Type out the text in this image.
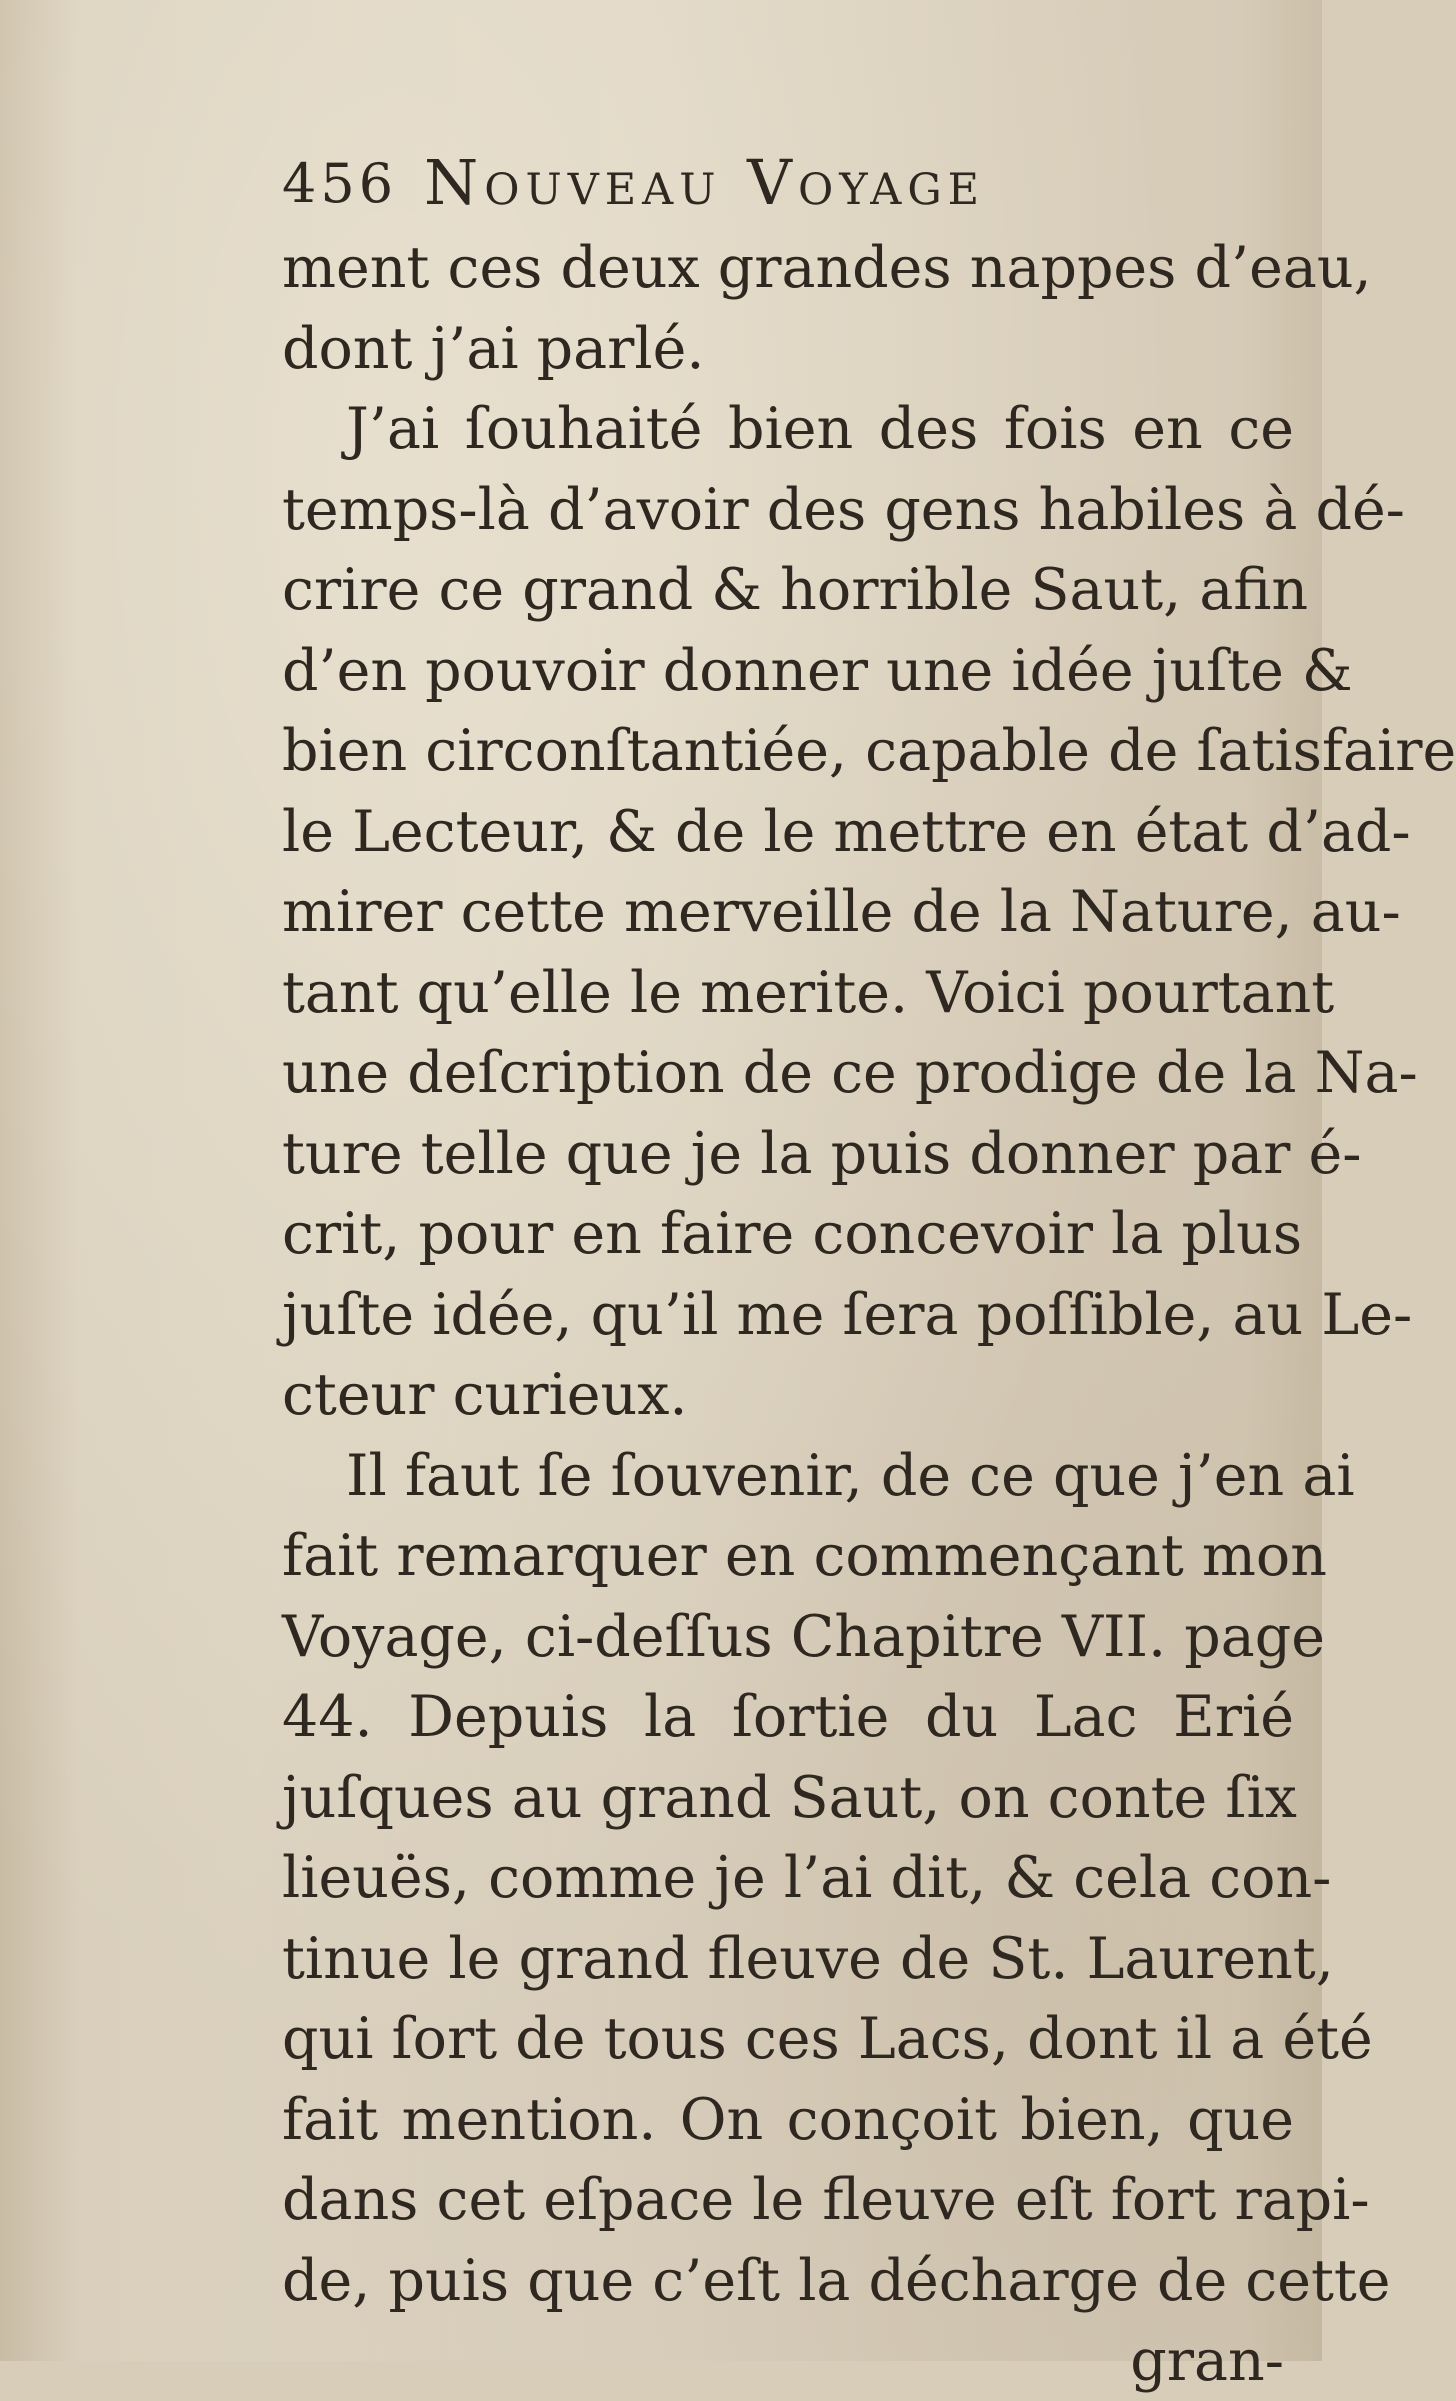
456 Nouveau Voyage
ment ces deux grandes nappes d’eau,
dont j’ai parlé.
J’ai ſouhaité bien des fois en ce
temps-là d’avoir des gens habiles à dé-
crire ce grand & horrible Saut, afin
d’en pouvoir donner une idée juſte &
bien circonſtantiée, capable de ſatisfaire
le Lecteur, & de le mettre en état d’ad-
mirer cette merveille de la Nature, au-
tant qu’elle le merite. Voici pourtant
une deſcription de ce prodige de la Na-
ture telle que je la puis donner par é-
crit, pour en faire concevoir la plus
juſte idée, qu’il me ſera poſſible, au Le-
cteur curieux.
Il faut ſe ſouvenir, de ce que j’en ai
fait remarquer en commençant mon
Voyage, ci-deſſus Chapitre VII. page
44. Depuis la ſortie du Lac Erié
juſques au grand Saut, on conte ſix
lieuës, comme je l’ai dit, & cela con-
tinue le grand fleuve de St. Laurent,
qui ſort de tous ces Lacs, dont il a été
fait mention. On conçoit bien, que
dans cet eſpace le fleuve eſt fort rapi-
de, puis que c’eſt la décharge de cette
gran-
